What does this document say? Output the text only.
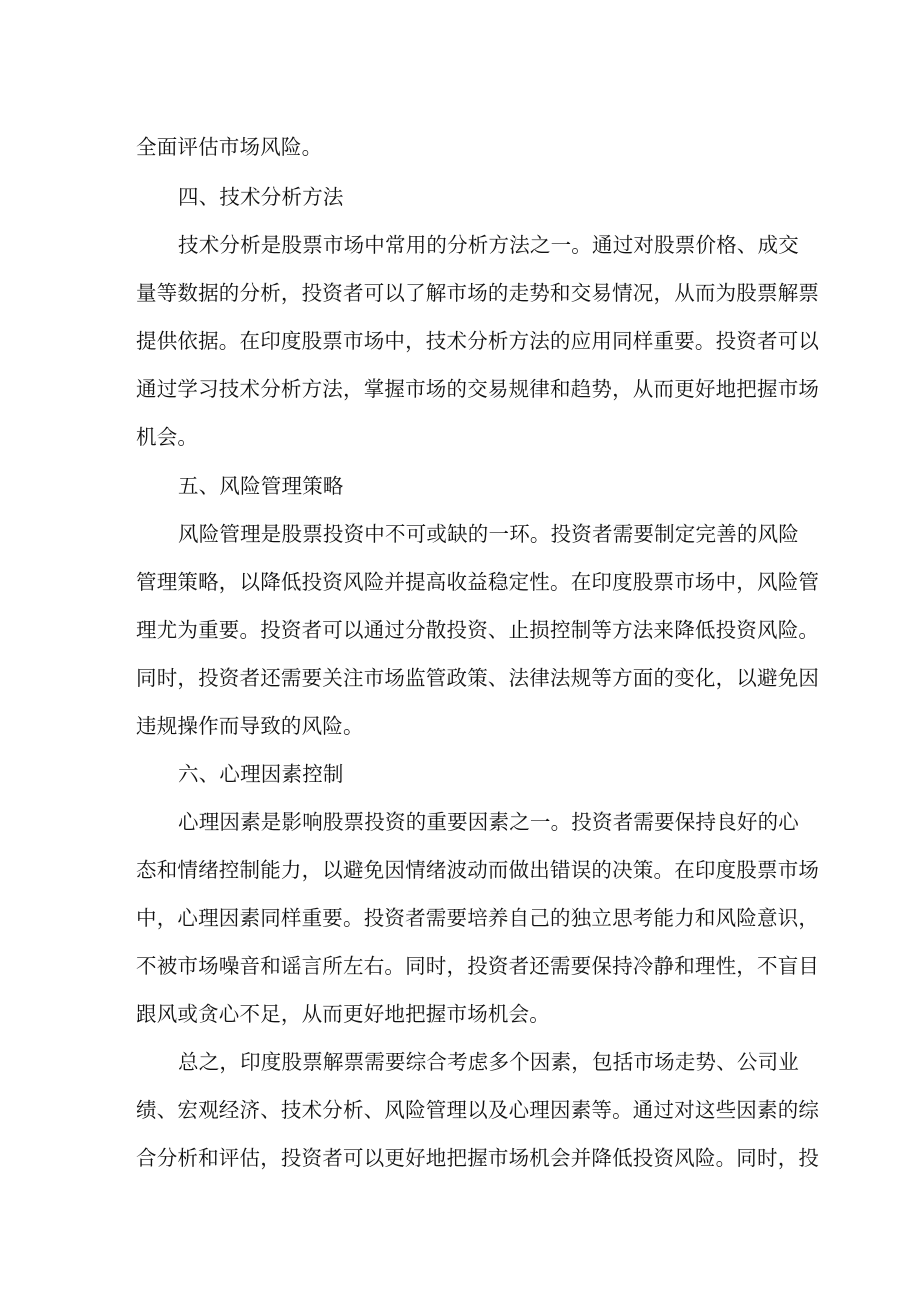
全面评估市场风险。

四、技术分析方法

技术分析是股票市场中常用的分析方法之一。通过对股票价格、成交

量等数据的分析，投资者可以了解市场的走势和交易情况，从而为股票解票

提供依据。在印度股票市场中，技术分析方法的应用同样重要。投资者可以

通过学习技术分析方法，掌握市场的交易规律和趋势，从而更好地把握市场

机会。

五、风险管理策略

风险管理是股票投资中不可或缺的一环。投资者需要制定完善的风险

管理策略，以降低投资风险并提高收益稳定性。在印度股票市场中，风险管

理尤为重要。投资者可以通过分散投资、止损控制等方法来降低投资风险。

同时，投资者还需要关注市场监管政策、法律法规等方面的变化，以避免因

违规操作而导致的风险。

六、心理因素控制

心理因素是影响股票投资的重要因素之一。投资者需要保持良好的心

态和情绪控制能力，以避免因情绪波动而做出错误的决策。在印度股票市场

中，心理因素同样重要。投资者需要培养自己的独立思考能力和风险意识，

不被市场噪音和谣言所左右。同时，投资者还需要保持冷静和理性，不盲目

跟风或贪心不足，从而更好地把握市场机会。

总之，印度股票解票需要综合考虑多个因素，包括市场走势、公司业

绩、宏观经济、技术分析、风险管理以及心理因素等。通过对这些因素的综

合分析和评估，投资者可以更好地把握市场机会并降低投资风险。同时，投
